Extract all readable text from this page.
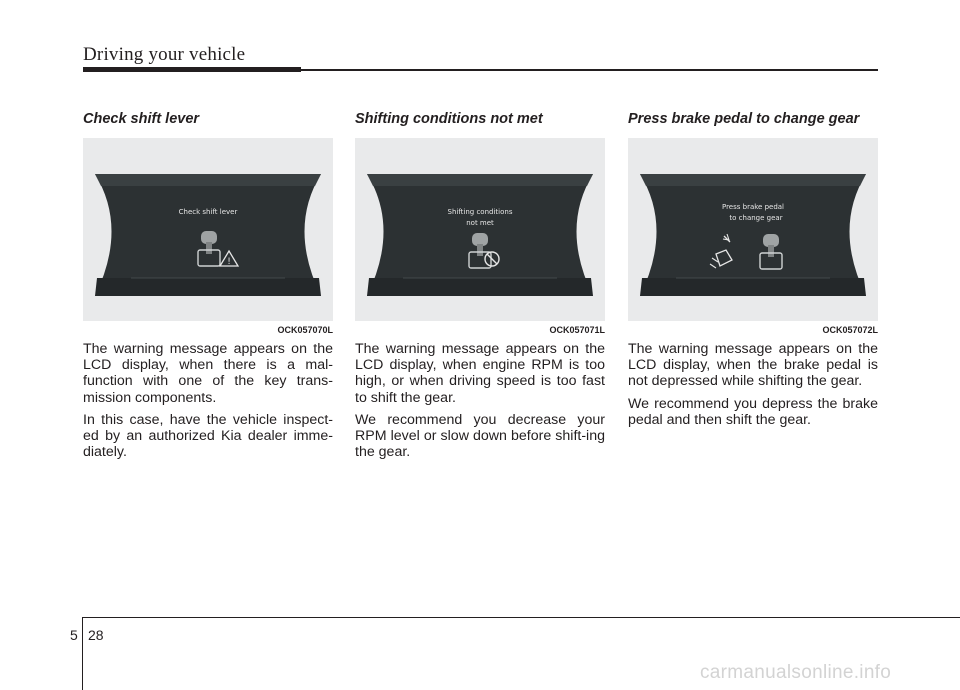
Driving your vehicle
Check shift lever
Check shift lever
!
OCK057070L

The warning message appears on the LCD display, when there is a mal-function with one of the key trans-mission components.

In this case, have the vehicle inspect-ed by an authorized Kia dealer imme-diately.

Shifting conditions not met
Shifting conditions
not met
OCK057071L

The warning message appears on the LCD display, when engine RPM is too high, or when driving speed is too fast to shift the gear.

We recommend you decrease your RPM level or slow down before shift-ing the gear.

Press brake pedal to change gear
Press brake pedal
to change gear
OCK057072L

The warning message appears on the LCD display, when the brake pedal is not depressed while shifting the gear.

We recommend you depress the brake pedal and then shift the gear.

5 28
carmanualsonline.info
